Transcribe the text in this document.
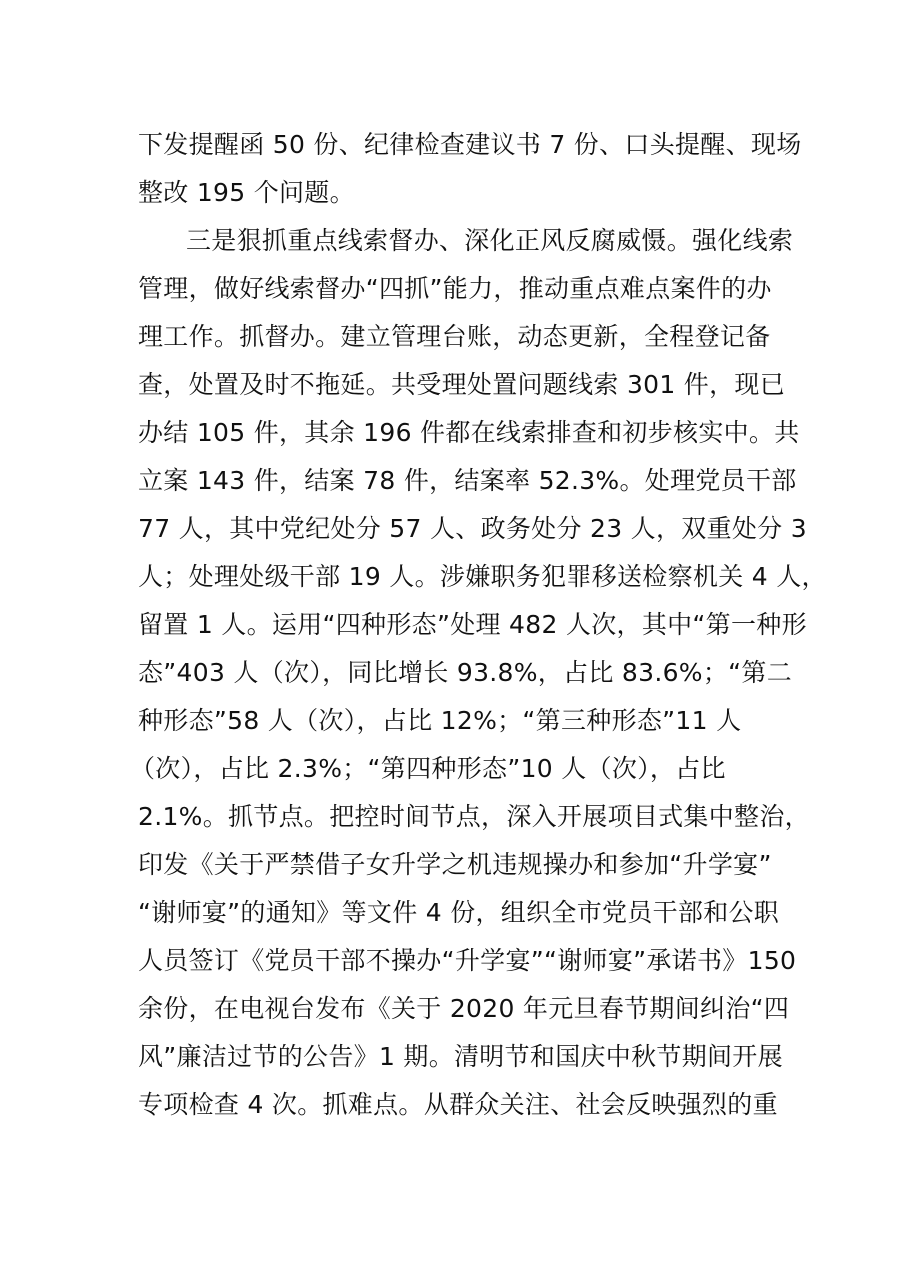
下发提醒函 50 份、纪律检查建议书 7 份、口头提醒、现场
整改 195 个问题。
三是狠抓重点线索督办、深化正风反腐威慑。强化线索
管理，做好线索督办“四抓”能力，推动重点难点案件的办
理工作。抓督办。建立管理台账，动态更新，全程登记备
查，处置及时不拖延。共受理处置问题线索 301 件，现已
办结 105 件，其余 196 件都在线索排查和初步核实中。共
立案 143 件，结案 78 件，结案率 52.3%。处理党员干部
77 人，其中党纪处分 57 人、政务处分 23 人，双重处分 3
人；处理处级干部 19 人。涉嫌职务犯罪移送检察机关 4 人，
留置 1 人。运用“四种形态”处理 482 人次，其中“第一种形
态”403 人（次），同比增长 93.8%，占比 83.6%；“第二
种形态”58 人（次），占比 12%；“第三种形态”11 人
（次），占比 2.3%；“第四种形态”10 人（次），占比
2.1%。抓节点。把控时间节点，深入开展项目式集中整治，
印发《关于严禁借子女升学之机违规操办和参加“升学宴”
“谢师宴”的通知》等文件 4 份，组织全市党员干部和公职
人员签订《党员干部不操办“升学宴”“谢师宴”承诺书》150
余份，在电视台发布《关于 2020 年元旦春节期间纠治“四
风”廉洁过节的公告》1 期。清明节和国庆中秋节期间开展
专项检查 4 次。抓难点。从群众关注、社会反映强烈的重
